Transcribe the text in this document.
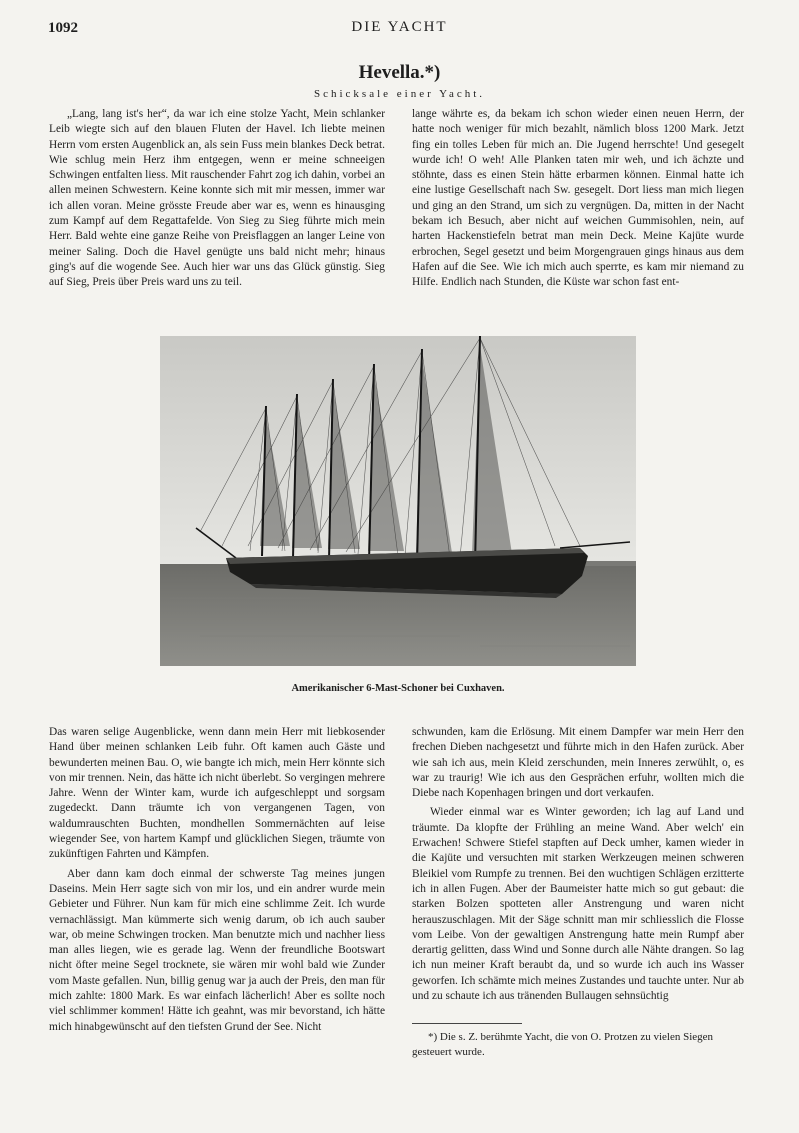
1092	DIE YACHT
Hevella.*)
Schicksale einer Yacht.

„Lang, lang ist's her“, da war ich eine stolze Yacht, Mein schlanker Leib wiegte sich auf den blauen Fluten der Havel. Ich liebte meinen Herrn vom ersten Augenblick an, als sein Fuss mein blankes Deck betrat. Wie schlug mein Herz ihm entgegen, wenn er meine schneeigen Schwingen entfalten liess. Mit rauschender Fahrt zog ich dahin, vorbei an allen meinen Schwestern. Keine konnte sich mit mir messen, immer war ich allen voran. Meine grösste Freude aber war es, wenn es hinausging zum Kampf auf dem Regattafelde. Von Sieg zu Sieg führte mich mein Herr. Bald wehte eine ganze Reihe von Preisflaggen an langer Leine von meiner Saling. Doch die Havel genügte uns bald nicht mehr; hinaus ging's auf die wogende See. Auch hier war uns das Glück günstig. Sieg auf Sieg, Preis über Preis ward uns zu teil.

lange währte es, da bekam ich schon wieder einen neuen Herrn, der hatte noch weniger für mich bezahlt, nämlich bloss 1200 Mark. Jetzt fing ein tolles Leben für mich an. Die Jugend herrschte! Und gesegelt wurde ich! O weh! Alle Planken taten mir weh, und ich ächzte und stöhnte, dass es einen Stein hätte erbarmen können. Einmal hatte ich eine lustige Gesellschaft nach Sw. gesegelt. Dort liess man mich liegen und ging an den Strand, um sich zu vergnügen. Da, mitten in der Nacht bekam ich Besuch, aber nicht auf weichen Gummisohlen, nein, auf harten Hackenstiefeln betrat man mein Deck. Meine Kajüte wurde erbrochen, Segel gesetzt und beim Morgengrauen gings hinaus aus dem Hafen auf die See. Wie ich mich auch sperrte, es kam mir niemand zu Hilfe. Endlich nach Stunden, die Küste war schon fast ent-

Amerikanischer 6-Mast-Schoner bei Cuxhaven.

Das waren selige Augenblicke, wenn dann mein Herr mit liebkosender Hand über meinen schlanken Leib fuhr. Oft kamen auch Gäste und bewunderten meinen Bau. O, wie bangte ich mich, mein Herr könnte sich von mir trennen. Nein, das hätte ich nicht überlebt. So vergingen mehrere Jahre. Wenn der Winter kam, wurde ich aufgeschleppt und sorgsam zugedeckt. Dann träumte ich von vergangenen Tagen, von waldumrauschten Buchten, mondhellen Sommernächten auf leise wiegender See, von hartem Kampf und glücklichen Siegen, träumte von zukünftigen Fahrten und Kämpfen.

Aber dann kam doch einmal der schwerste Tag meines jungen Daseins. Mein Herr sagte sich von mir los, und ein andrer wurde mein Gebieter und Führer. Nun kam für mich eine schlimme Zeit. Ich wurde vernachlässigt. Man kümmerte sich wenig darum, ob ich auch sauber war, ob meine Schwingen trocken. Man benutzte mich und nachher liess man alles liegen, wie es gerade lag. Wenn der freundliche Bootswart nicht öfter meine Segel trocknete, sie wären mir wohl bald wie Zunder vom Maste gefallen. Nun, billig genug war ja auch der Preis, den man für mich zahlte: 1800 Mark. Es war einfach lächerlich! Aber es sollte noch viel schlimmer kommen! Hätte ich geahnt, was mir bevorstand, ich hätte mich hinabgewünscht auf den tiefsten Grund der See. Nicht

schwunden, kam die Erlösung. Mit einem Dampfer war mein Herr den frechen Dieben nachgesetzt und führte mich in den Hafen zurück. Aber wie sah ich aus, mein Kleid zerschunden, mein Inneres zerwühlt, o, es war zu traurig! Wie ich aus den Gesprächen erfuhr, wollten mich die Diebe nach Kopenhagen bringen und dort verkaufen.

Wieder einmal war es Winter geworden; ich lag auf Land und träumte. Da klopfte der Frühling an meine Wand. Aber welch' ein Erwachen! Schwere Stiefel stapften auf Deck umher, kamen wieder in die Kajüte und versuchten mit starken Werkzeugen meinen schweren Bleikiel vom Rumpfe zu trennen. Bei den wuchtigen Schlägen erzitterte ich in allen Fugen. Aber der Baumeister hatte mich so gut gebaut: die starken Bolzen spotteten aller Anstrengung und waren nicht herauszuschlagen. Mit der Säge schnitt man mir schliesslich die Flosse vom Leibe. Von der gewaltigen Anstrengung hatte mein Rumpf aber derartig gelitten, dass Wind und Sonne durch alle Nähte drangen. So lag ich nun meiner Kraft beraubt da, und so wurde ich auch ins Wasser geworfen. Ich schämte mich meines Zustandes und tauchte unter. Nur ab und zu schaute ich aus tränenden Bullaugen sehnsüchtig

*) Die s. Z. berühmte Yacht, die von O. Protzen zu vielen Siegen gesteuert wurde.
